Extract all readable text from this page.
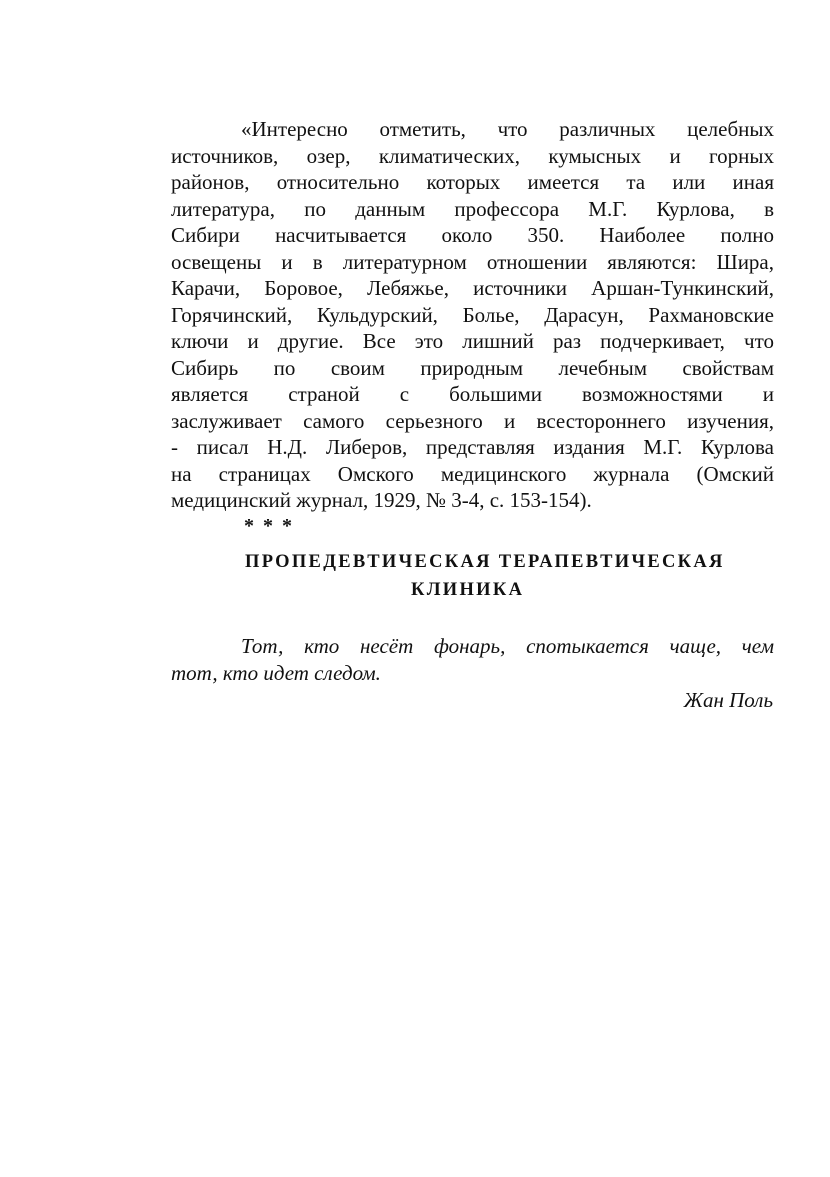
«Интересно отметить, что различных целебных
источников, озер, климатических, кумысных и горных
районов, относительно которых имеется та или иная
литература, по данным профессора М.Г. Курлова, в
Сибири насчитывается около 350. Наиболее полно
освещены и в литературном отношении являются: Шира,
Карачи, Боровое, Лебяжье, источники Аршан-Тункинский,
Горячинский, Кульдурский, Болье, Дарасун, Рахмановские
ключи и другие. Все это лишний раз подчеркивает, что
Сибирь по своим природным лечебным свойствам
является страной с большими возможностями и
заслуживает самого серьезного и всестороннего изучения,
- писал Н.Д. Либеров, представляя издания М.Г. Курлова
на страницах Омского медицинского журнала (Омский
медицинский журнал, 1929, № 3-4, с. 153-154).
* * *
ПРОПЕДЕВТИЧЕСКАЯ ТЕРАПЕВТИЧЕСКАЯ
КЛИНИКА
Тот, кто несёт фонарь, спотыкается чаще, чем
тот, кто идет следом.
Жан Поль
